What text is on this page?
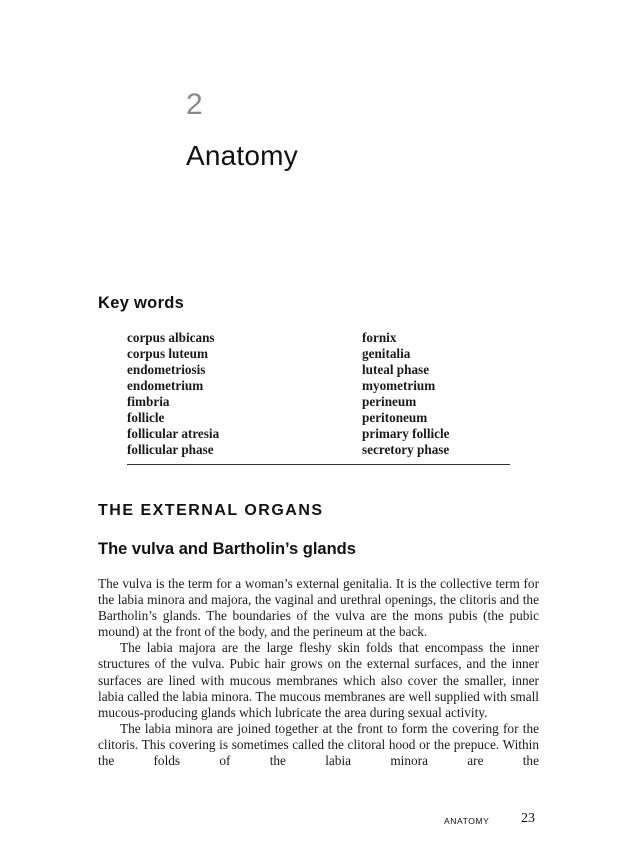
2
Anatomy
Key words
corpus albicans
corpus luteum
endometriosis
endometrium
fimbria
follicle
follicular atresia
follicular phase
fornix
genitalia
luteal phase
myometrium
perineum
peritoneum
primary follicle
secretory phase
THE EXTERNAL ORGANS
The vulva and Bartholin’s glands

The vulva is the term for a woman’s external genitalia. It is the collective term for the labia minora and majora, the vaginal and urethral openings, the clitoris and the Bartholin’s glands. The boundaries of the vulva are the mons pubis (the pubic mound) at the front of the body, and the perineum at the back.

The labia majora are the large fleshy skin folds that encompass the inner structures of the vulva. Pubic hair grows on the external surfaces, and the inner surfaces are lined with mucous membranes which also cover the smaller, inner labia called the labia minora. The mucous membranes are well supplied with small mucous-producing glands which lubricate the area during sexual activity.

The labia minora are joined together at the front to form the covering for the clitoris. This covering is sometimes called the clitoral hood or the prepuce. Within the folds of the labia minora are the

ANATOMY 23
